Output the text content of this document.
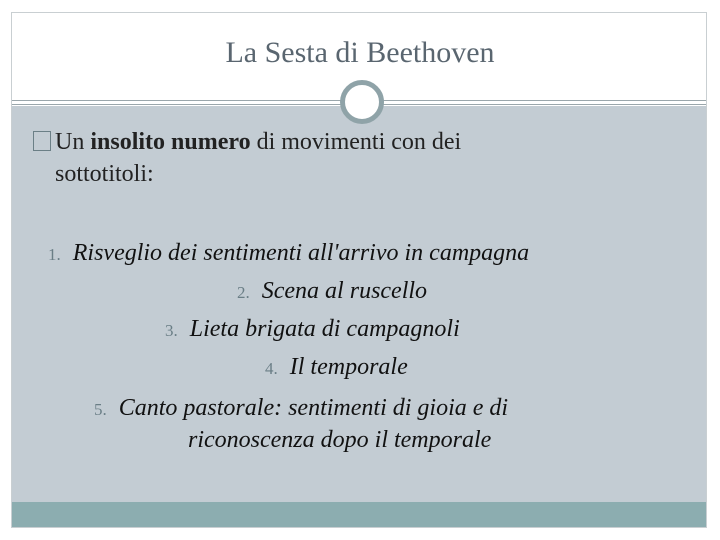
La Sesta di Beethoven
Un insolito numero di movimenti con dei
sottotitoli:
1. Risveglio dei sentimenti all'arrivo in campagna
2. Scena al ruscello
3. Lieta brigata di campagnoli
4. Il temporale
5. Canto pastorale: sentimenti di gioia e di
riconoscenza dopo il temporale
